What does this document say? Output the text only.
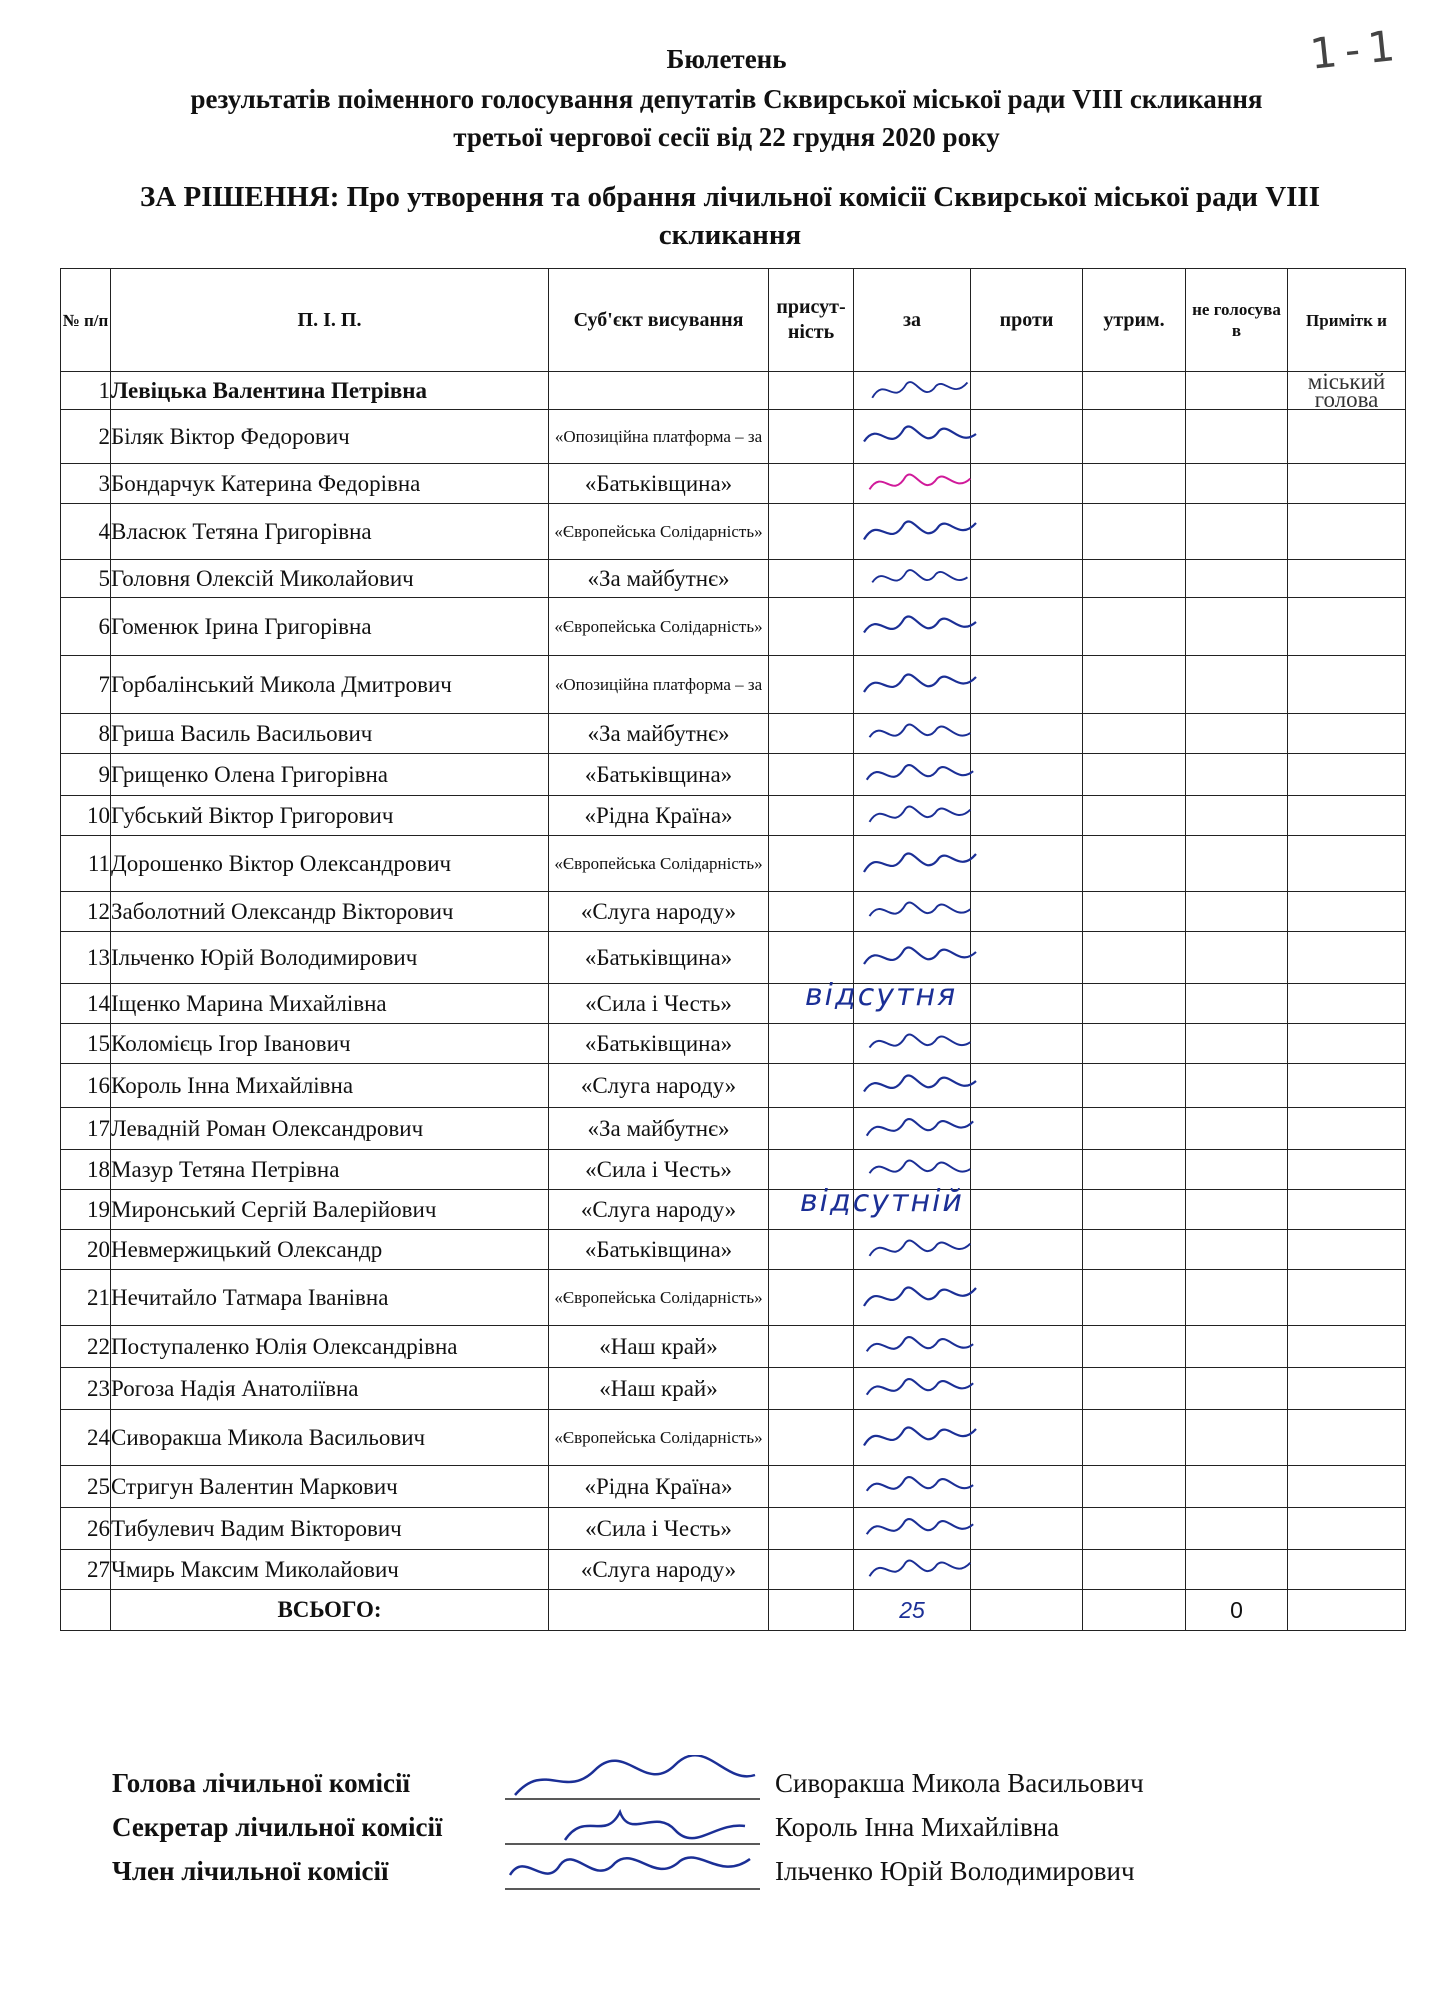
1-1
Бюлетень
результатів поіменного голосування депутатів Сквирської міської ради VIII скликання
третьої чергової сесії від 22 грудня 2020 року
ЗА РІШЕННЯ: Про утворення та обрання лічильної комісії Сквирської міської ради VIII скликання
№ п/п	П. І. П.	Суб'єкт висування	присут- ність	за	проти	утрим.	не голосува в	Примітк и
1	Левіцька Валентина Петрівна							міський голова
2	Біляк Віктор Федорович	«Опозиційна платформа – за		

3	Бондарчук Катерина Федорівна	«Батьківщина»		

4	Власюк Тетяна Григорівна	«Європейська Солідарність»		

5	Головня Олексій Миколайович	«За майбутнє»		

6	Гоменюк Ірина Григорівна	«Європейська Солідарність»		

7	Горбалінський Микола Дмитрович	«Опозиційна платформа – за		

8	Гриша Василь Васильович	«За майбутнє»		

9	Грищенко Олена Григорівна	«Батьківщина»		

10	Губський Віктор Григорович	«Рідна Країна»		

11	Дорошенко Віктор Олександрович	«Європейська Солідарність»		

12	Заболотний Олександр Вікторович	«Слуга народу»		

13	Ільченко Юрій Володимирович	«Батьківщина»		

14	Іщенко Марина Михайлівна	«Сила і Честь»						
15	Коломієць Ігор Іванович	«Батьківщина»		

16	Король Інна Михайлівна	«Слуга народу»		

17	Левадній Роман Олександрович	«За майбутнє»		

18	Мазур Тетяна Петрівна	«Сила і Честь»		

19	Миронський Сергій Валерійович	«Слуга народу»						
20	Невмержицький Олександр	«Батьківщина»		

21	Нечитайло Татмара Іванівна	«Європейська Солідарність»		

22	Поступаленко Юлія Олександрівна	«Наш край»		

23	Рогоза Надія Анатоліївна	«Наш край»		

24	Сиворакша Микола Васильович	«Європейська Солідарність»		

25	Стригун Валентин Маркович	«Рідна Країна»		

26	Тибулевич Вадим Вікторович	«Сила і Честь»		

27	Чмирь Максим Миколайович	«Слуга народу»		

	ВСЬОГО:			25			0	
відсутня
відсутній
Голова лічильної комісії
Секретар лічильної комісії
Член лічильної комісії
Сиворакша Микола Васильович
Король Інна Михайлівна
Ільченко Юрій Володимирович
